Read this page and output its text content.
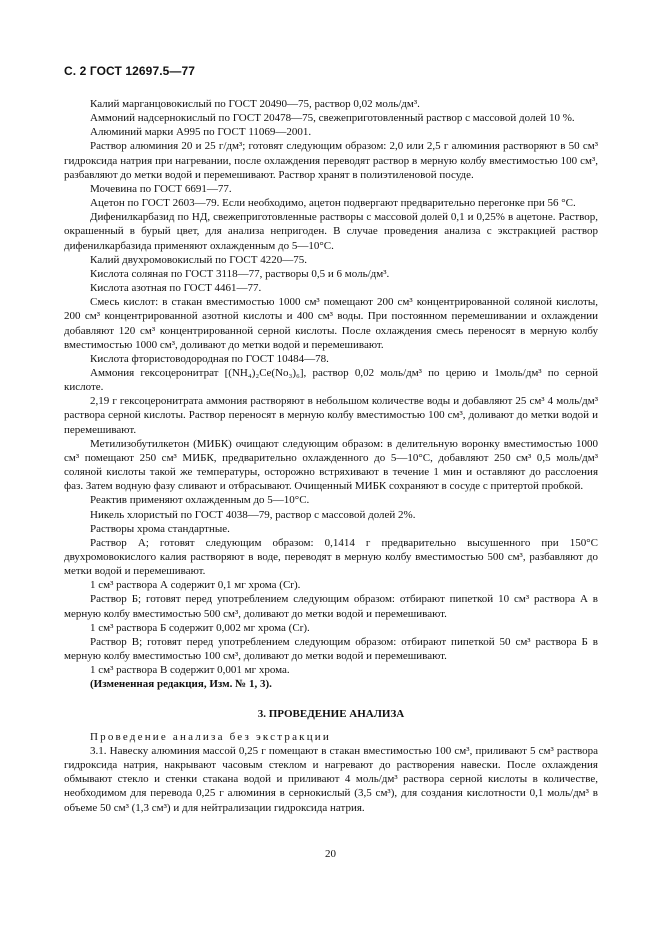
С. 2 ГОСТ 12697.5—77

Калий марганцовокислый по ГОСТ 20490—75, раствор 0,02 моль/дм³.

Аммоний надсернокислый по ГОСТ 20478—75, свежеприготовленный раствор с массовой долей 10 %.

Алюминий марки А995 по ГОСТ 11069—2001.

Раствор алюминия 20 и 25 г/дм³; готовят следующим образом: 2,0 или 2,5 г алюминия растворяют в 50 см³ гидроксида натрия при нагревании, после охлаждения переводят раствор в мерную колбу вместимостью 100 см³, разбавляют до метки водой и перемешивают. Раствор хранят в полиэтиленовой посуде.

Мочевина по ГОСТ 6691—77.

Ацетон по ГОСТ 2603—79. Если необходимо, ацетон подвергают предварительно перегонке при 56 °С.

Дифенилкарбазид по НД, свежеприготовленные растворы с массовой долей 0,1 и 0,25% в ацетоне. Раствор, окрашенный в бурый цвет, для анализа непригоден. В случае проведения анализа с экстракцией раствор дифенилкарбазида применяют охлажденным до 5—10°С.

Калий двухромовокислый по ГОСТ 4220—75.

Кислота соляная по ГОСТ 3118—77, растворы 0,5 и 6 моль/дм³.

Кислота азотная по ГОСТ 4461—77.

Смесь кислот: в стакан вместимостью 1000 см³ помещают 200 см³ концентрированной соляной кислоты, 200 см³ концентрированной азотной кислоты и 400 см³ воды. При постоянном перемешивании и охлаждении добавляют 120 см³ концентрированной серной кислоты. После охлаждения смесь переносят в мерную колбу вместимостью 1000 см³, доливают до метки водой и перемешивают.

Кислота фтористоводородная по ГОСТ 10484—78.

Аммония гексоцеронитрат [(NH₄)₂Ce(No₃)₆], раствор 0,02 моль/дм³ по церию и 1моль/дм³ по серной кислоте.

2,19 г гексоцеронитрата аммония растворяют в небольшом количестве воды и добавляют 25 см³ 4 моль/дм³ раствора серной кислоты. Раствор переносят в мерную колбу вместимостью 100 см³, доливают до метки водой и перемешивают.

Метилизобутилкетон (МИБК) очищают следующим образом: в делительную воронку вместимостью 1000 см³ помещают 250 см³ МИБК, предварительно охлажденного до 5—10°С, добавляют 250 см³ 0,5 моль/дм³ соляной кислоты такой же температуры, осторожно встряхивают в течение 1 мин и оставляют до расслоения фаз. Затем водную фазу сливают и отбрасывают. Очищенный МИБК сохраняют в сосуде с притертой пробкой.

Реактив применяют охлажденным до 5—10°С.

Никель хлористый по ГОСТ 4038—79, раствор с массовой долей 2%.

Растворы хрома стандартные.

Раствор А; готовят следующим образом: 0,1414 г предварительно высушенного при 150°С двухромовокислого калия растворяют в воде, переводят в мерную колбу вместимостью 500 см³, разбавляют до метки водой и перемешивают.

1 см³ раствора А содержит 0,1 мг хрома (Cr).

Раствор Б; готовят перед употреблением следующим образом: отбирают пипеткой 10 см³ раствора А в мерную колбу вместимостью 500 см³, доливают до метки водой и перемешивают.

1 см³ раствора Б содержит 0,002 мг хрома (Cr).

Раствор В; готовят перед употреблением следующим образом: отбирают пипеткой 50 см³ раствора Б в мерную колбу вместимостью 100 см³, доливают до метки водой и перемешивают.

1 см³ раствора В содержит 0,001 мг хрома.

(Измененная редакция, Изм. № 1, 3).

3. ПРОВЕДЕНИЕ АНАЛИЗА

Проведение анализа без экстракции

3.1. Навеску алюминия массой 0,25 г помещают в стакан вместимостью 100 см³, приливают 5 см³ раствора гидроксида натрия, накрывают часовым стеклом и нагревают до растворения навески. После охлаждения обмывают стекло и стенки стакана водой и приливают 4 моль/дм³ раствора серной кислоты в количестве, необходимом для перевода 0,25 г алюминия в сернокислый (3,5 см³), для создания кислотности 0,1 моль/дм³ в объеме 50 см³ (1,3 см³) и для нейтрализации гидроксида натрия.

20
